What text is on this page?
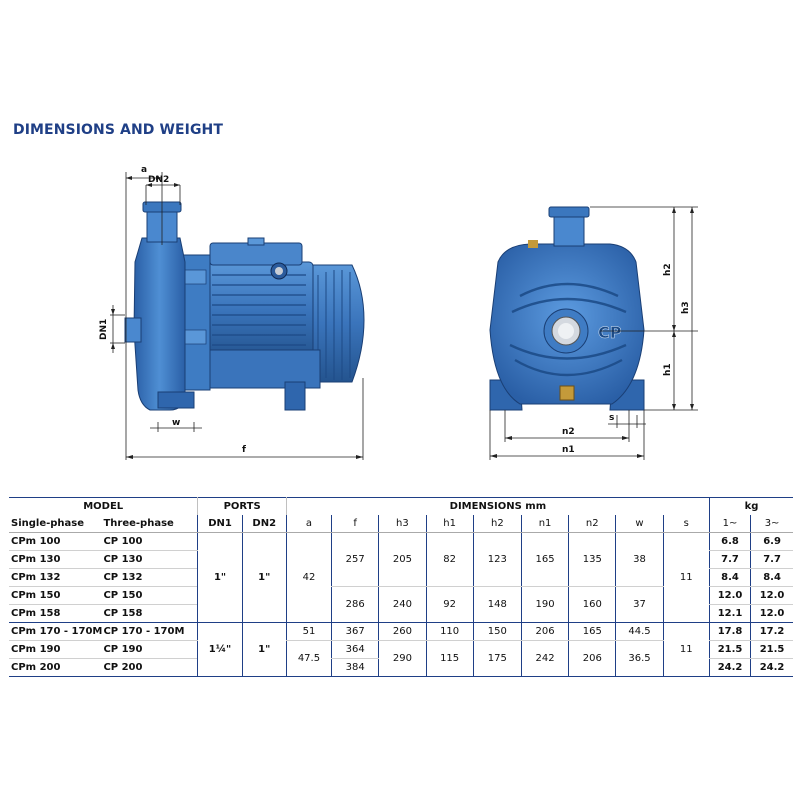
DIMENSIONS AND WEIGHT
a
DN2
DN1
w
f
CP
h2
h3
h1
s
n2
n1
MODEL		PORTS		DIMENSIONS mm									kg	
Single-phase	Three-phase	DN1	DN2	a	f	h3	h1	h2	n1	n2	w	s	1~	3~
CPm 100	CP 100	1"	1"	42	257	205	82	123	165	135	38	11	6.8	6.9
CPm 130	CP 130												7.7	7.7
CPm 132	CP 132												8.4	8.4
CPm 150	CP 150				286	240	92	148	190	160	37		12.0	12.0
CPm 158	CP 158												12.1	12.0
CPm 170 - 170M	CP 170 - 170M	1¼"	1"	51	367	260	110	150	206	165	44.5	11	17.8	17.2
CPm 190	CP 190			47.5	364	290	115	175	242	206	36.5		21.5	21.5
CPm 200	CP 200				384								24.2	24.2
